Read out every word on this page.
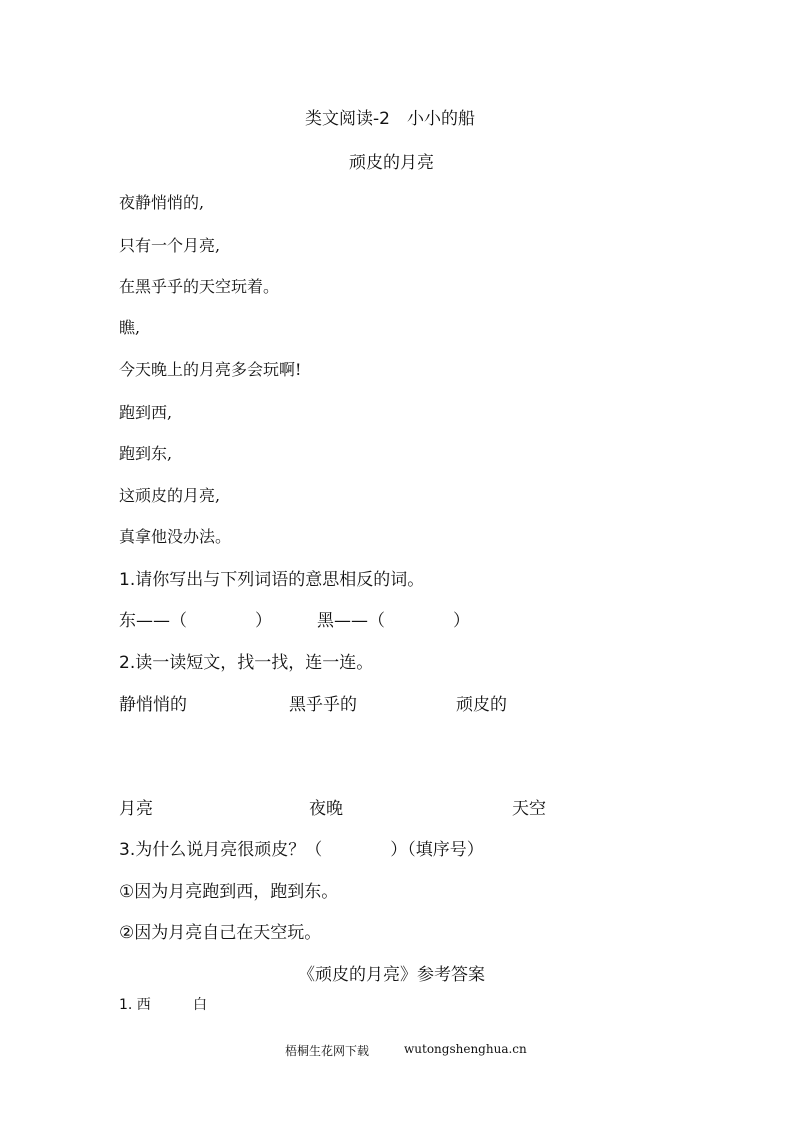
类文阅读-2　小小的船
顽皮的月亮
夜静悄悄的,
只有一个月亮,
在黑乎乎的天空玩着。
瞧,
今天晚上的月亮多会玩啊!
跑到西,
跑到东,
这顽皮的月亮,
真拿他没办法。
1.请你写出与下列词语的意思相反的词。
东——（　　　　）	黑——（　　　　）
2.读一读短文，找一找，连一连。
静悄悄的	黑乎乎的	顽皮的
月亮	夜晚	天空
3.为什么说月亮很顽皮？（　　　　）（填序号）
①因为月亮跑到西，跑到东。
②因为月亮自己在天空玩。
《顽皮的月亮》参考答案
1. 西	白
梧桐生花网下载	wutongshenghua.cn
